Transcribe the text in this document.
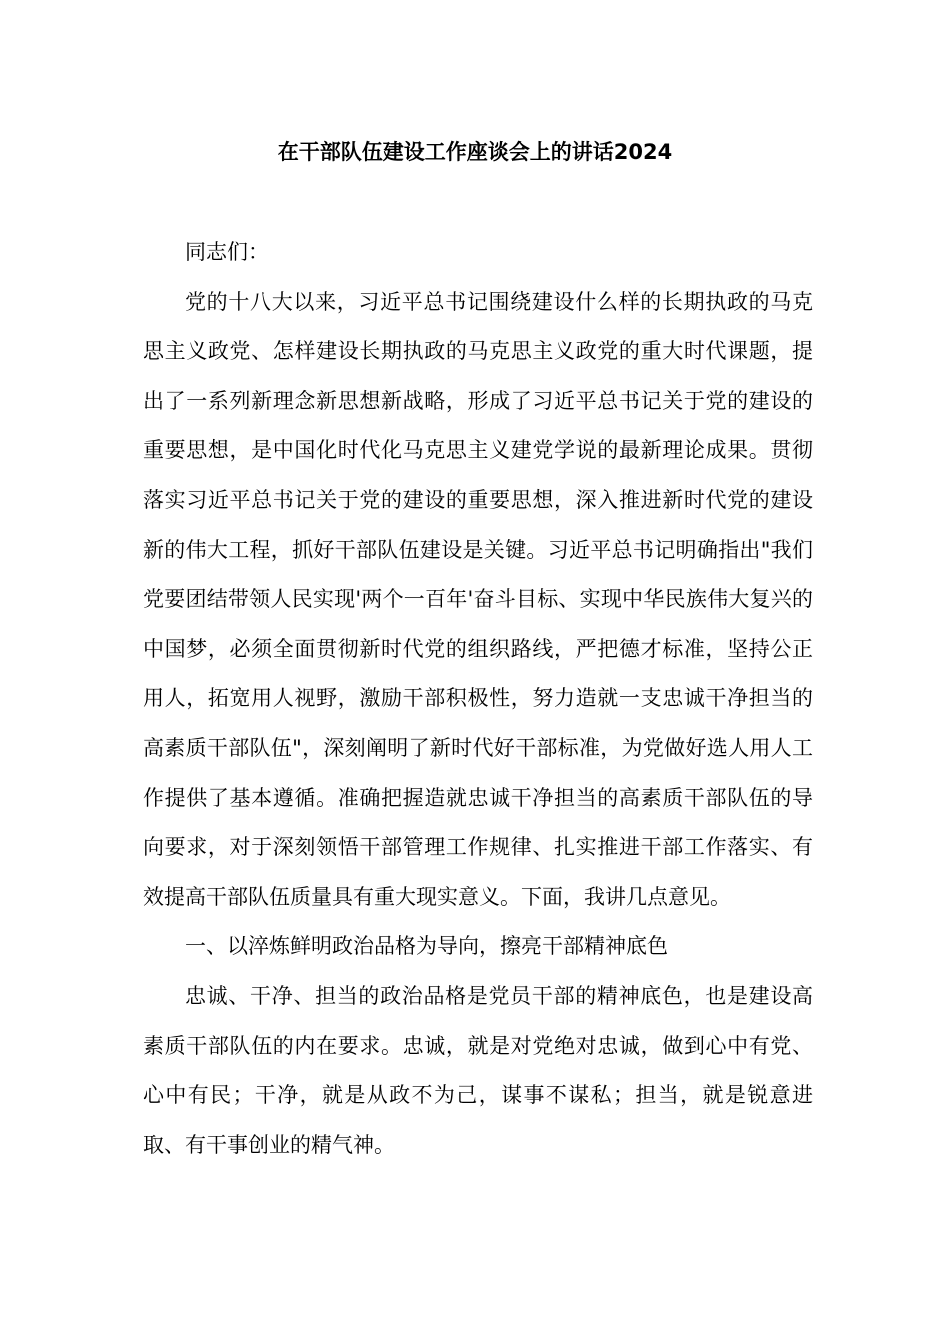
在干部队伍建设工作座谈会上的讲话2024

同志们：

党的十八大以来，习近平总书记围绕建设什么样的长期执政的马克思主义政党、怎样建设长期执政的马克思主义政党的重大时代课题，提出了一系列新理念新思想新战略，形成了习近平总书记关于党的建设的重要思想，是中国化时代化马克思主义建党学说的最新理论成果。贯彻落实习近平总书记关于党的建设的重要思想，深入推进新时代党的建设新的伟大工程，抓好干部队伍建设是关键。习近平总书记明确指出"我们党要团结带领人民实现'两个一百年'奋斗目标、实现中华民族伟大复兴的中国梦，必须全面贯彻新时代党的组织路线，严把德才标准，坚持公正用人，拓宽用人视野，激励干部积极性，努力造就一支忠诚干净担当的高素质干部队伍"，深刻阐明了新时代好干部标准，为党做好选人用人工作提供了基本遵循。准确把握造就忠诚干净担当的高素质干部队伍的导向要求，对于深刻领悟干部管理工作规律、扎实推进干部工作落实、有效提高干部队伍质量具有重大现实意义。下面，我讲几点意见。

一、以淬炼鲜明政治品格为导向，擦亮干部精神底色

忠诚、干净、担当的政治品格是党员干部的精神底色，也是建设高素质干部队伍的内在要求。忠诚，就是对党绝对忠诚，做到心中有党、心中有民；干净，就是从政不为己，谋事不谋私；担当，就是锐意进取、有干事创业的精气神。
